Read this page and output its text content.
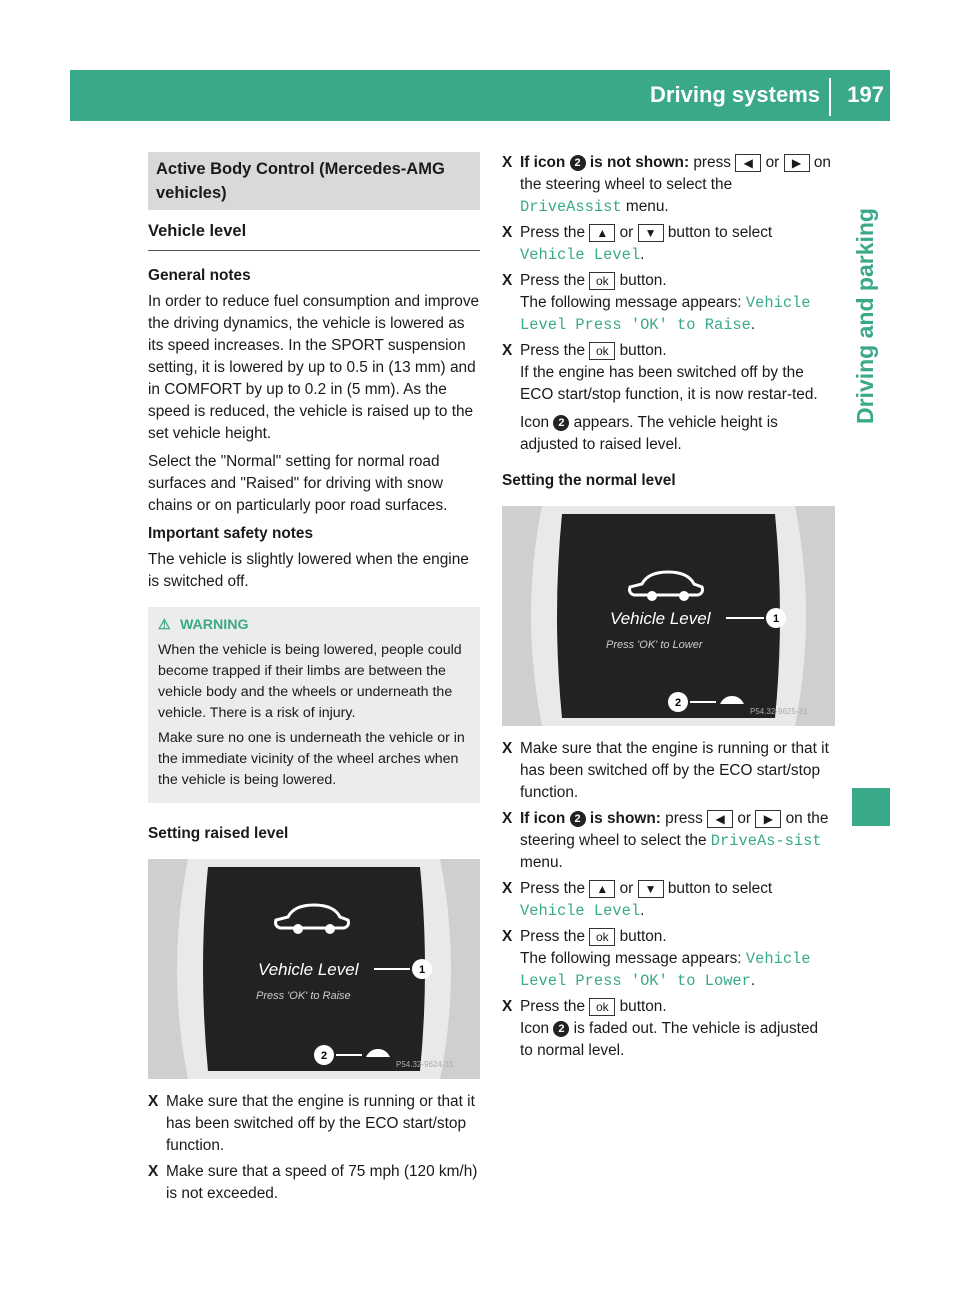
Driving systems 197
Driving and parking
Active Body Control (Mercedes-AMG vehicles)
Vehicle level
General notes

In order to reduce fuel consumption and improve the driving dynamics, the vehicle is lowered as its speed increases. In the SPORT suspension setting, it is lowered by up to 0.5 in (13 mm) and in COMFORT by up to 0.2 in (5 mm). As the speed is reduced, the vehicle is raised up to the set vehicle height.

Select the "Normal" setting for normal road surfaces and "Raised" for driving with snow chains or on particularly poor road surfaces.

Important safety notes

The vehicle is slightly lowered when the engine is switched off.

⚠ WARNING

When the vehicle is being lowered, people could become trapped if their limbs are between the vehicle body and the wheels or underneath the vehicle. There is a risk of injury.

Make sure no one is underneath the vehicle or in the immediate vicinity of the wheel arches when the vehicle is being lowered.

Setting raised level
Vehicle Level
Press 'OK' to Raise
1
2
P54.32-9624-31
X Make sure that the engine is running or that it has been switched off by the ECO start/stop function.
X Make sure that a speed of 75 mph (120 km/h) is not exceeded.
X If icon 2 is not shown: press ◀ or ▶ on the steering wheel to select the DriveAssist menu.
X Press the ▲ or ▼ button to select Vehicle Level.
X Press the ok button.
The following message appears: Vehicle Level Press 'OK' to Raise.
X Press the ok button.
If the engine has been switched off by the ECO start/stop function, it is now restar-ted.
Icon 2 appears. The vehicle height is adjusted to raised level.
Setting the normal level
Vehicle Level
Press 'OK' to Lower
1
2
P54.32-9625-31
X Make sure that the engine is running or that it has been switched off by the ECO start/stop function.
X If icon 2 is shown: press ◀ or ▶ on the steering wheel to select the DriveAs‐sist menu.
X Press the ▲ or ▼ button to select Vehicle Level.
X Press the ok button.
The following message appears: Vehicle Level Press 'OK' to Lower.
X Press the ok button.
Icon 2 is faded out. The vehicle is adjusted to normal level.
